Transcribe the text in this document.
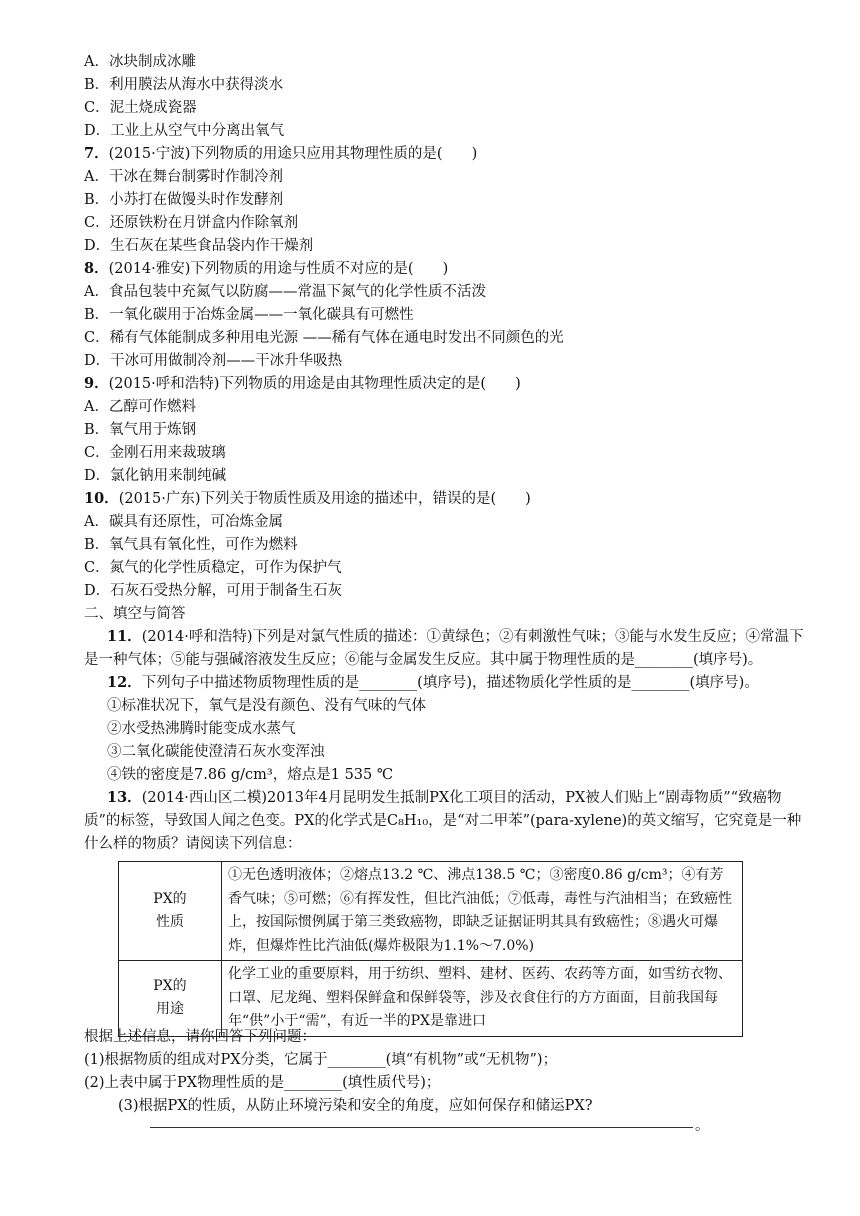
A．冰块制成冰雕
B．利用膜法从海水中获得淡水
C．泥土烧成瓷器
D．工业上从空气中分离出氧气
7．(2015·宁波)下列物质的用途只应用其物理性质的是(　　)
A．干冰在舞台制雾时作制冷剂
B．小苏打在做馒头时作发酵剂
C．还原铁粉在月饼盒内作除氧剂
D．生石灰在某些食品袋内作干燥剂
8．(2014·雅安)下列物质的用途与性质不对应的是(　　)
A．食品包装中充氮气以防腐——常温下氮气的化学性质不活泼
B．一氧化碳用于冶炼金属——一氧化碳具有可燃性
C．稀有气体能制成多种用电光源 ——稀有气体在通电时发出不同颜色的光
D．干冰可用做制冷剂——干冰升华吸热
9．(2015·呼和浩特)下列物质的用途是由其物理性质决定的是(　　)
A．乙醇可作燃料
B．氧气用于炼钢
C．金刚石用来裁玻璃
D．氯化钠用来制纯碱
10．(2015·广东)下列关于物质性质及用途的描述中，错误的是(　　)
A．碳具有还原性，可冶炼金属
B．氧气具有氧化性，可作为燃料
C．氮气的化学性质稳定，可作为保护气
D．石灰石受热分解，可用于制备生石灰
二、填空与简答
11．(2014·呼和浩特)下列是对氯气性质的描述：①黄绿色；②有刺激性气味；③能与水发生反应；④常温下
是一种气体；⑤能与强碱溶液发生反应；⑥能与金属发生反应。其中属于物理性质的是________(填序号)。
12．下列句子中描述物质物理性质的是________(填序号)，描述物质化学性质的是________(填序号)。
①标准状况下，氧气是没有颜色、没有气味的气体
②水受热沸腾时能变成水蒸气
③二氧化碳能使澄清石灰水变浑浊
④铁的密度是7.86 g/cm³，熔点是1 535 ℃
13．(2014·西山区二模)2013年4月昆明发生抵制PX化工项目的活动，PX被人们贴上“剧毒物质”“致癌物
质”的标签，导致国人闻之色变。PX的化学式是C₈H₁₀，是“对二甲苯”(para-xylene)的英文缩写，它究竟是一种
PX的
性质	①无色透明液体；②熔点13.2 ℃、沸点138.5 ℃；③密度0.86 g/cm³；④有芳香气味；⑤可燃；⑥有挥发性，但比汽油低；⑦低毒，毒性与汽油相当；在致癌性上，按国际惯例属于第三类致癌物，即缺乏证据证明其具有致癌性；⑧遇火可爆炸，但爆炸性比汽油低(爆炸极限为1.1%～7.0%)

PX的
用途	化学工业的重要原料，用于纺织、塑料、建材、医药、农药等方面，如雪纺衣物、口罩、尼龙绳、塑料保鲜盒和保鲜袋等，涉及衣食住行的方方面面，目前我国每年“供”小于“需”，有近一半的PX是靠进口
什么样的物质？请阅读下列信息：
根据上述信息，请你回答下列问题：
(1)根据物质的组成对PX分类，它属于________(填“有机物”或“无机物”)；
(2)上表中属于PX物理性质的是________(填性质代号)；
(3)根据PX的性质，从防止环境污染和安全的角度，应如何保存和储运PX?
。
